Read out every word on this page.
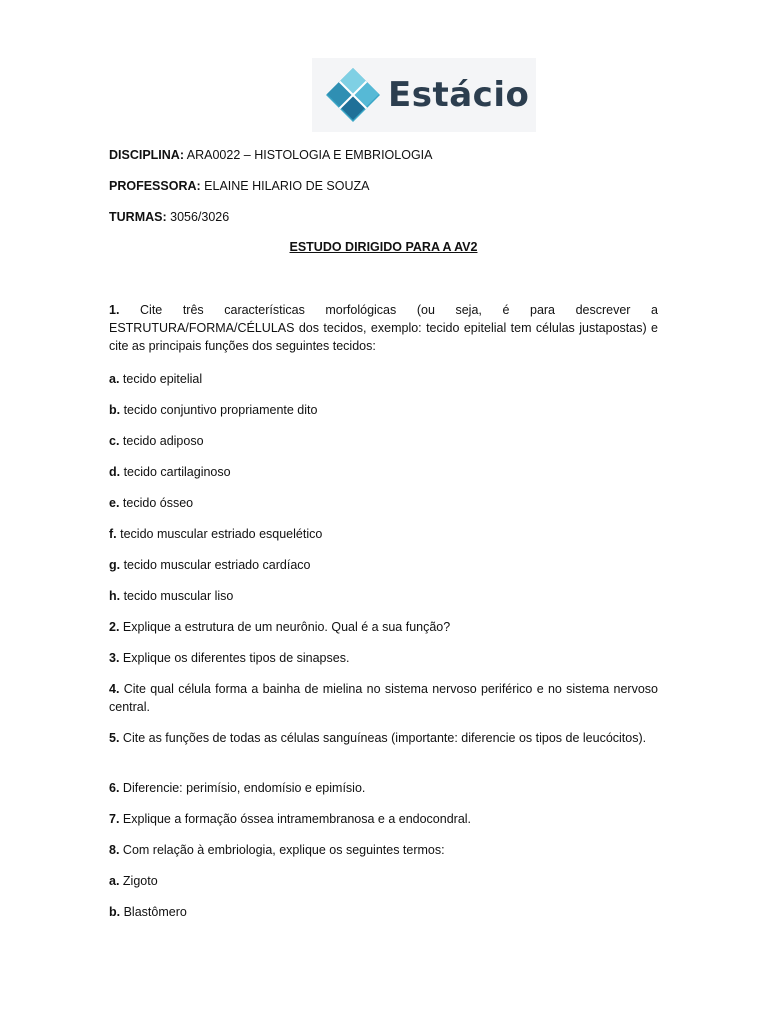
Estácio
DISCIPLINA: ARA0022 – HISTOLOGIA E EMBRIOLOGIA
PROFESSORA: ELAINE HILARIO DE SOUZA
TURMAS: 3056/3026
ESTUDO DIRIGIDO PARA A AV2
1. Cite três características morfológicas (ou seja, é para descrever a ESTRUTURA/FORMA/CÉLULAS dos tecidos, exemplo: tecido epitelial tem células justapostas) e cite as principais funções dos seguintes tecidos:
a. tecido epitelial
b. tecido conjuntivo propriamente dito
c. tecido adiposo
d. tecido cartilaginoso
e. tecido ósseo
f. tecido muscular estriado esquelético
g. tecido muscular estriado cardíaco
h. tecido muscular liso
2. Explique a estrutura de um neurônio. Qual é a sua função?
3. Explique os diferentes tipos de sinapses.
4. Cite qual célula forma a bainha de mielina no sistema nervoso periférico e no sistema nervoso central.
5. Cite as funções de todas as células sanguíneas (importante: diferencie os tipos de leucócitos).
6. Diferencie: perimísio, endomísio e epimísio.
7. Explique a formação óssea intramembranosa e a endocondral.
8. Com relação à embriologia, explique os seguintes termos:
a. Zigoto
b. Blastômero
